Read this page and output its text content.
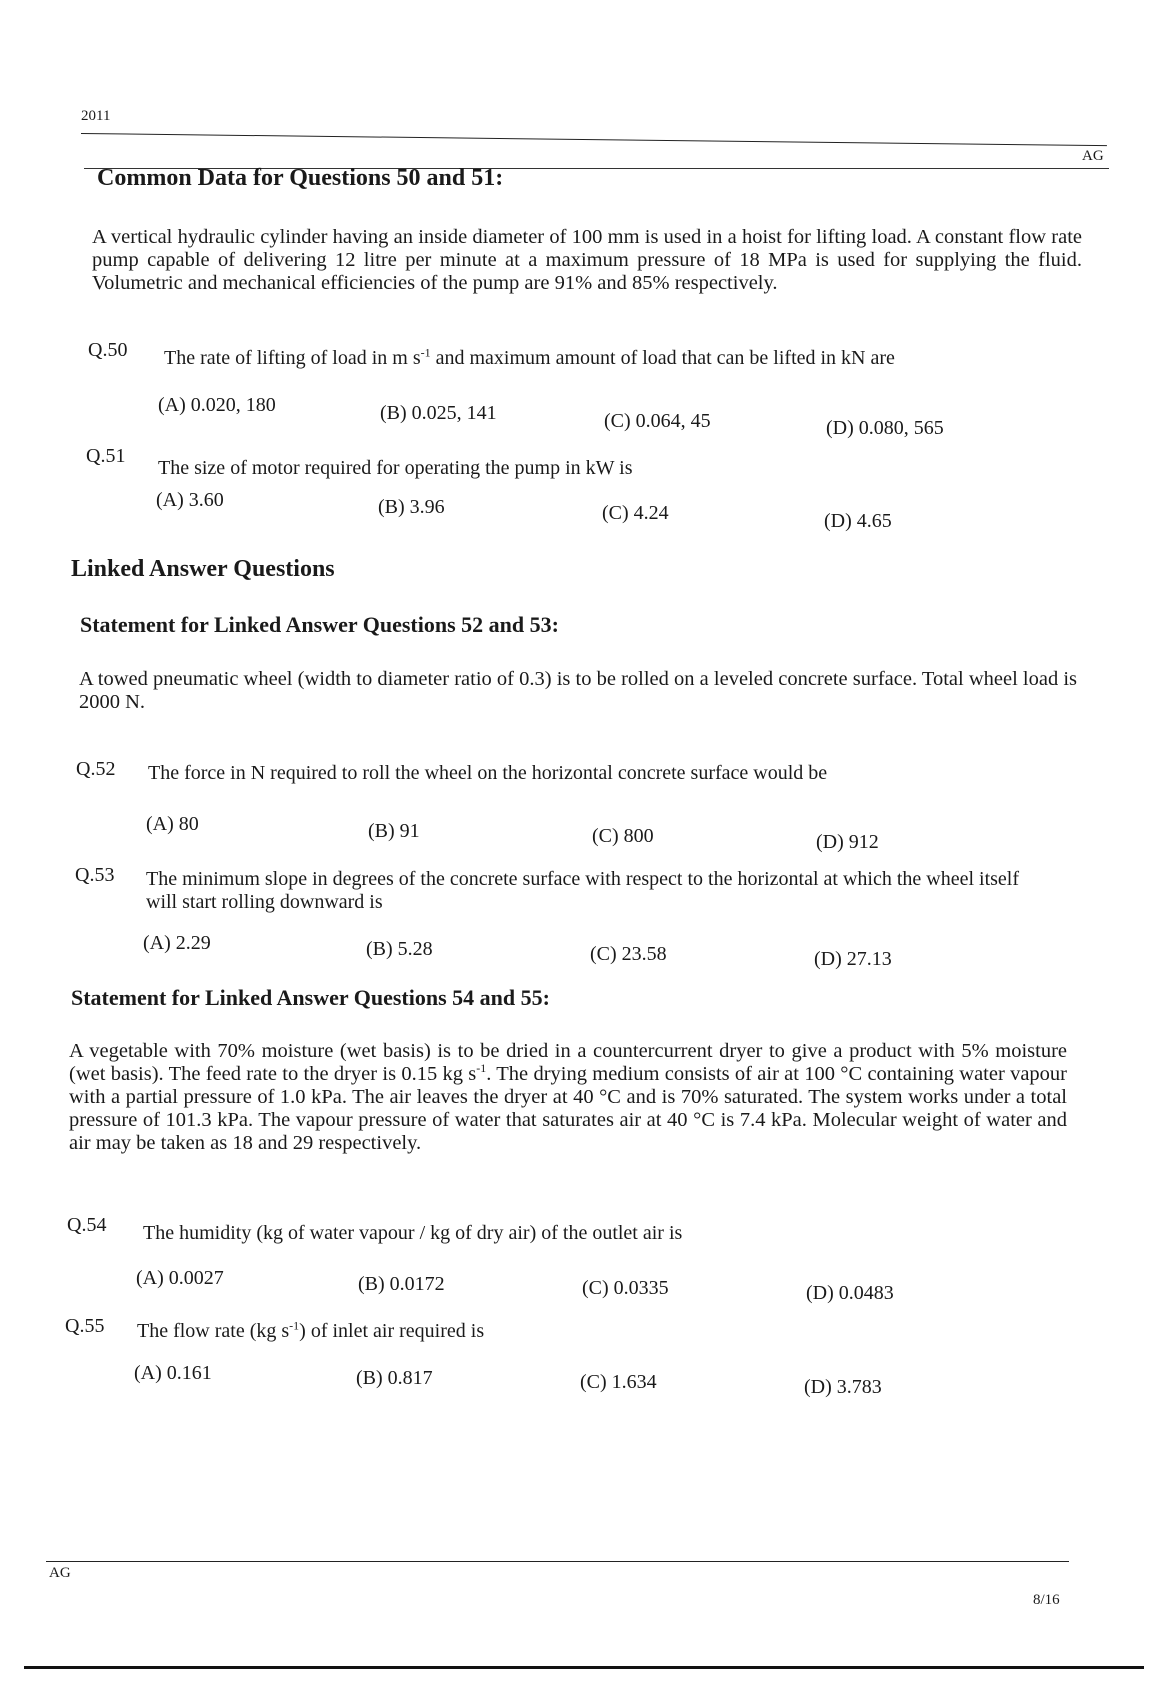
2011
AG
Common Data for Questions 50 and 51:
A vertical hydraulic cylinder having an inside diameter of 100 mm is used in a hoist for lifting load. A constant flow rate pump capable of delivering 12 litre per minute at a maximum pressure of 18 MPa is used for supplying the fluid. Volumetric and mechanical efficiencies of the pump are 91% and 85% respectively.
Q.50 The rate of lifting of load in m $s^{-1}$ and maximum amount of load that can be lifted in kN are
(A) 0.020, 180	(B) 0.025, 141	(C) 0.064, 45	(D) 0.080, 565
Q.51
The size of motor required for operating the pump in kW is
(A) 3.60	(B) 3.96	(C) 4.24	(D) 4.65
Linked Answer Questions
Statement for Linked Answer Questions 52 and 53:
A towed pneumatic wheel (width to diameter ratio of 0.3) is to be rolled on a leveled concrete surface. Total wheel load is 2000 N.
Q.52 The force in N required to roll the wheel on the horizontal concrete surface would be
(A) 80	(B) 91	(C) 800	(D) 912
Q.53 The minimum slope in degrees of the concrete surface with respect to the horizontal at which the wheel itself will start rolling downward is
(A) 2.29	(B) 5.28	(C) 23.58	(D) 27.13
Statement for Linked Answer Questions 54 and 55:
A vegetable with 70% moisture (wet basis) is to be dried in a countercurrent dryer to give a product with 5% moisture (wet basis). The feed rate to the dryer is 0.15 kg $s^{-1}$. The drying medium consists of air at 100 °C containing water vapour with a partial pressure of 1.0 kPa. The air leaves the dryer at 40 °C and is 70% saturated. The system works under a total pressure of 101.3 kPa. The vapour pressure of water that saturates air at 40 °C is 7.4 kPa. Molecular weight of water and air may be taken as 18 and 29 respectively.
Q.54 The humidity (kg of water vapour / kg of dry air) of the outlet air is
(A) 0.0027	(B) 0.0172	(C) 0.0335	(D) 0.0483
Q.55 The flow rate (kg $s^{-1}$) of inlet air required is
(A) 0.161	(B) 0.817	(C) 1.634	(D) 3.783
AG
8/16
